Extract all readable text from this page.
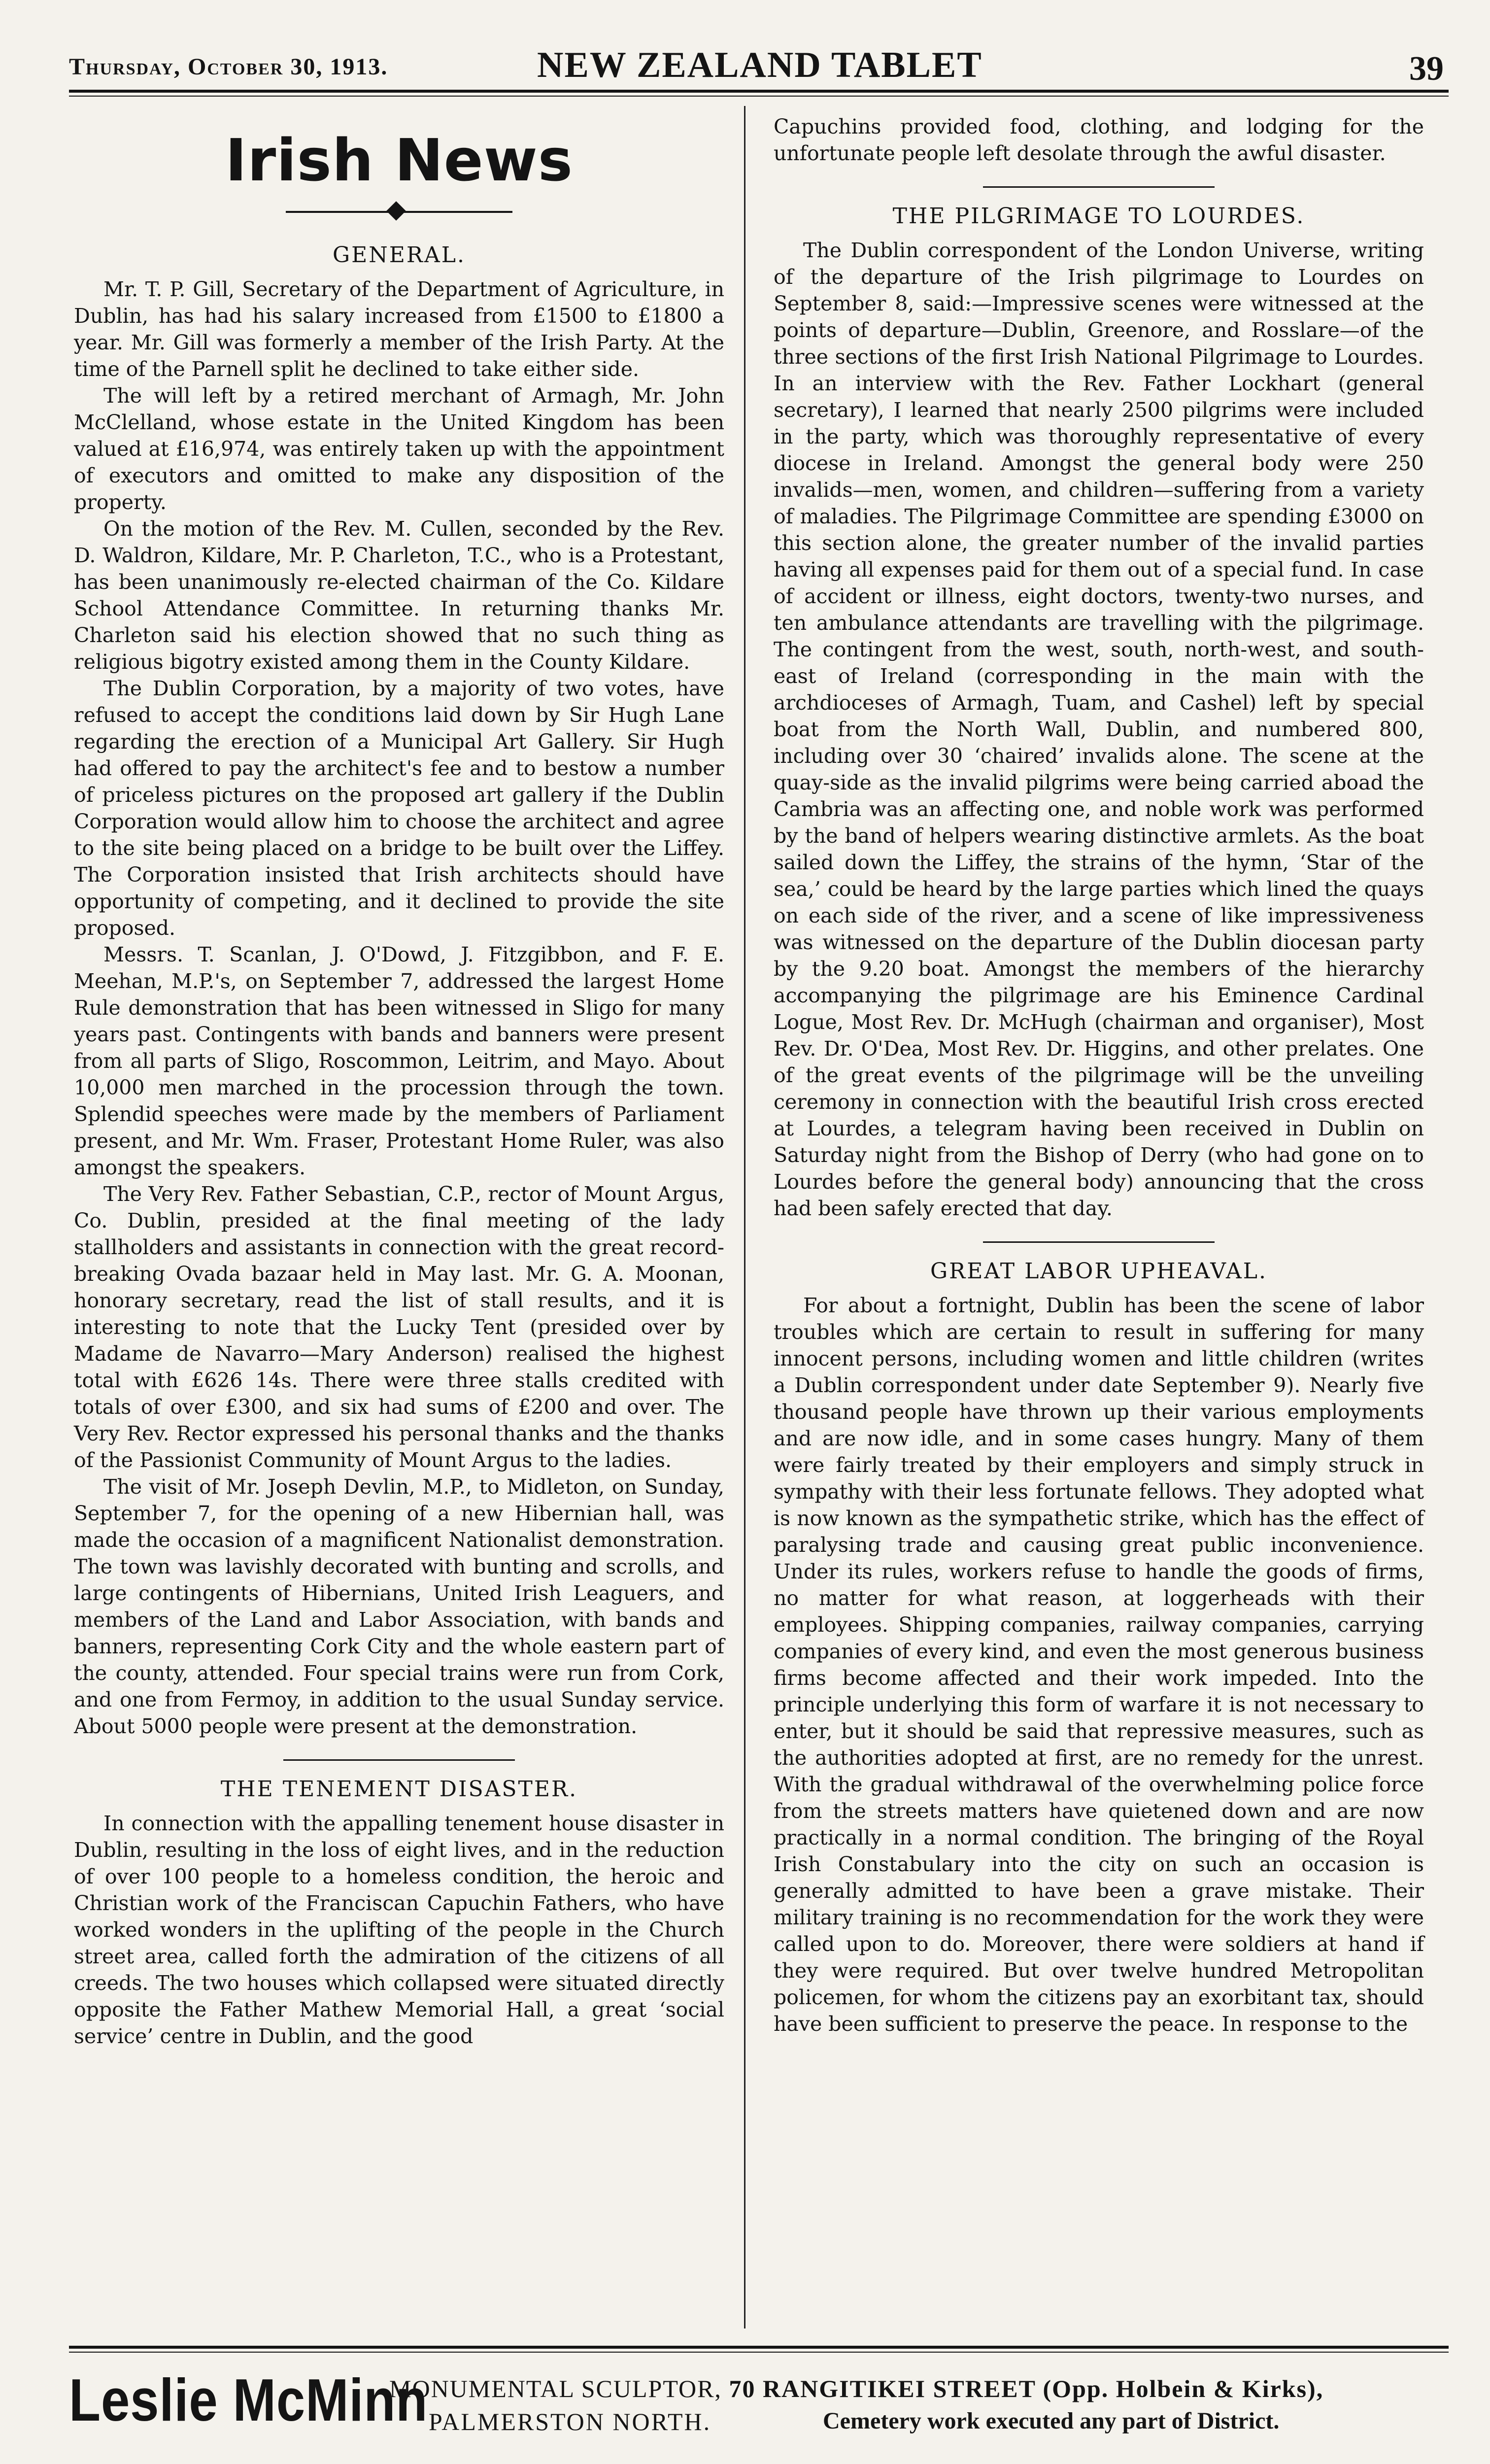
Thursday, October 30, 1913.	NEW ZEALAND TABLET	39
Irish News
GENERAL.

Mr. T. P. Gill, Secretary of the Department of Agriculture, in Dublin, has had his salary increased from £1500 to £1800 a year. Mr. Gill was formerly a member of the Irish Party. At the time of the Parnell split he declined to take either side.

The will left by a retired merchant of Armagh, Mr. John McClelland, whose estate in the United Kingdom has been valued at £16,974, was entirely taken up with the appointment of executors and omitted to make any disposition of the property.

On the motion of the Rev. M. Cullen, seconded by the Rev. D. Waldron, Kildare, Mr. P. Charleton, T.C., who is a Protestant, has been unanimously re-elected chairman of the Co. Kildare School Attendance Committee. In returning thanks Mr. Charleton said his election showed that no such thing as religious bigotry existed among them in the County Kildare.

The Dublin Corporation, by a majority of two votes, have refused to accept the conditions laid down by Sir Hugh Lane regarding the erection of a Municipal Art Gallery. Sir Hugh had offered to pay the architect's fee and to bestow a number of priceless pictures on the proposed art gallery if the Dublin Corporation would allow him to choose the architect and agree to the site being placed on a bridge to be built over the Liffey. The Corporation insisted that Irish architects should have opportunity of competing, and it declined to provide the site proposed.

Messrs. T. Scanlan, J. O'Dowd, J. Fitzgibbon, and F. E. Meehan, M.P.'s, on September 7, addressed the largest Home Rule demonstration that has been witnessed in Sligo for many years past. Contingents with bands and banners were present from all parts of Sligo, Roscommon, Leitrim, and Mayo. About 10,000 men marched in the procession through the town. Splendid speeches were made by the members of Parliament present, and Mr. Wm. Fraser, Protestant Home Ruler, was also amongst the speakers.

The Very Rev. Father Sebastian, C.P., rector of Mount Argus, Co. Dublin, presided at the final meeting of the lady stallholders and assistants in connection with the great record-breaking Ovada bazaar held in May last. Mr. G. A. Moonan, honorary secretary, read the list of stall results, and it is interesting to note that the Lucky Tent (presided over by Madame de Navarro—Mary Anderson) realised the highest total with £626 14s. There were three stalls credited with totals of over £300, and six had sums of £200 and over. The Very Rev. Rector expressed his personal thanks and the thanks of the Passionist Community of Mount Argus to the ladies.

The visit of Mr. Joseph Devlin, M.P., to Midleton, on Sunday, September 7, for the opening of a new Hibernian hall, was made the occasion of a magnificent Nationalist demonstration. The town was lavishly decorated with bunting and scrolls, and large contingents of Hibernians, United Irish Leaguers, and members of the Land and Labor Association, with bands and banners, representing Cork City and the whole eastern part of the county, attended. Four special trains were run from Cork, and one from Fermoy, in addition to the usual Sunday service. About 5000 people were present at the demonstration.

THE TENEMENT DISASTER.

In connection with the appalling tenement house disaster in Dublin, resulting in the loss of eight lives, and in the reduction of over 100 people to a homeless condition, the heroic and Christian work of the Franciscan Capuchin Fathers, who have worked wonders in the uplifting of the people in the Church street area, called forth the admiration of the citizens of all creeds. The two houses which collapsed were situated directly opposite the Father Mathew Memorial Hall, a great ‘social service’ centre in Dublin, and the good

Capuchins provided food, clothing, and lodging for the unfortunate people left desolate through the awful disaster.

THE PILGRIMAGE TO LOURDES.

The Dublin correspondent of the London Universe, writing of the departure of the Irish pilgrimage to Lourdes on September 8, said:—Impressive scenes were witnessed at the points of departure—Dublin, Greenore, and Rosslare—of the three sections of the first Irish National Pilgrimage to Lourdes. In an interview with the Rev. Father Lockhart (general secretary), I learned that nearly 2500 pilgrims were included in the party, which was thoroughly representative of every diocese in Ireland. Amongst the general body were 250 invalids—men, women, and children—suffering from a variety of maladies. The Pilgrimage Committee are spending £3000 on this section alone, the greater number of the invalid parties having all expenses paid for them out of a special fund. In case of accident or illness, eight doctors, twenty-two nurses, and ten ambulance attendants are travelling with the pilgrimage. The contingent from the west, south, north-west, and south-east of Ireland (corresponding in the main with the archdioceses of Armagh, Tuam, and Cashel) left by special boat from the North Wall, Dublin, and numbered 800, including over 30 ‘chaired’ invalids alone. The scene at the quay-side as the invalid pilgrims were being carried aboad the Cambria was an affecting one, and noble work was performed by the band of helpers wearing distinctive armlets. As the boat sailed down the Liffey, the strains of the hymn, ‘Star of the sea,’ could be heard by the large parties which lined the quays on each side of the river, and a scene of like impressiveness was witnessed on the departure of the Dublin diocesan party by the 9.20 boat. Amongst the members of the hierarchy accompanying the pilgrimage are his Eminence Cardinal Logue, Most Rev. Dr. McHugh (chairman and organiser), Most Rev. Dr. O'Dea, Most Rev. Dr. Higgins, and other prelates. One of the great events of the pilgrimage will be the unveiling ceremony in connection with the beautiful Irish cross erected at Lourdes, a telegram having been received in Dublin on Saturday night from the Bishop of Derry (who had gone on to Lourdes before the general body) announcing that the cross had been safely erected that day.

GREAT LABOR UPHEAVAL.

For about a fortnight, Dublin has been the scene of labor troubles which are certain to result in suffering for many innocent persons, including women and little children (writes a Dublin correspondent under date September 9). Nearly five thousand people have thrown up their various employments and are now idle, and in some cases hungry. Many of them were fairly treated by their employers and simply struck in sympathy with their less fortunate fellows. They adopted what is now known as the sympathetic strike, which has the effect of paralysing trade and causing great public inconvenience. Under its rules, workers refuse to handle the goods of firms, no matter for what reason, at loggerheads with their employees. Shipping companies, railway companies, carrying companies of every kind, and even the most generous business firms become affected and their work impeded. Into the principle underlying this form of warfare it is not necessary to enter, but it should be said that repressive measures, such as the authorities adopted at first, are no remedy for the unrest. With the gradual withdrawal of the overwhelming police force from the streets matters have quietened down and are now practically in a normal condition. The bringing of the Royal Irish Constabulary into the city on such an occasion is generally admitted to have been a grave mistake. Their military training is no recommendation for the work they were called upon to do. Moreover, there were soldiers at hand if they were required. But over twelve hundred Metropolitan policemen, for whom the citizens pay an exorbitant tax, should have been sufficient to preserve the peace. In response to the

Leslie McMinn
MONUMENTAL SCULPTOR, 70 RANGITIKEI STREET (Opp. Holbein & Kirks),
PALMERSTON NORTH.	Cemetery work executed any part of District.
